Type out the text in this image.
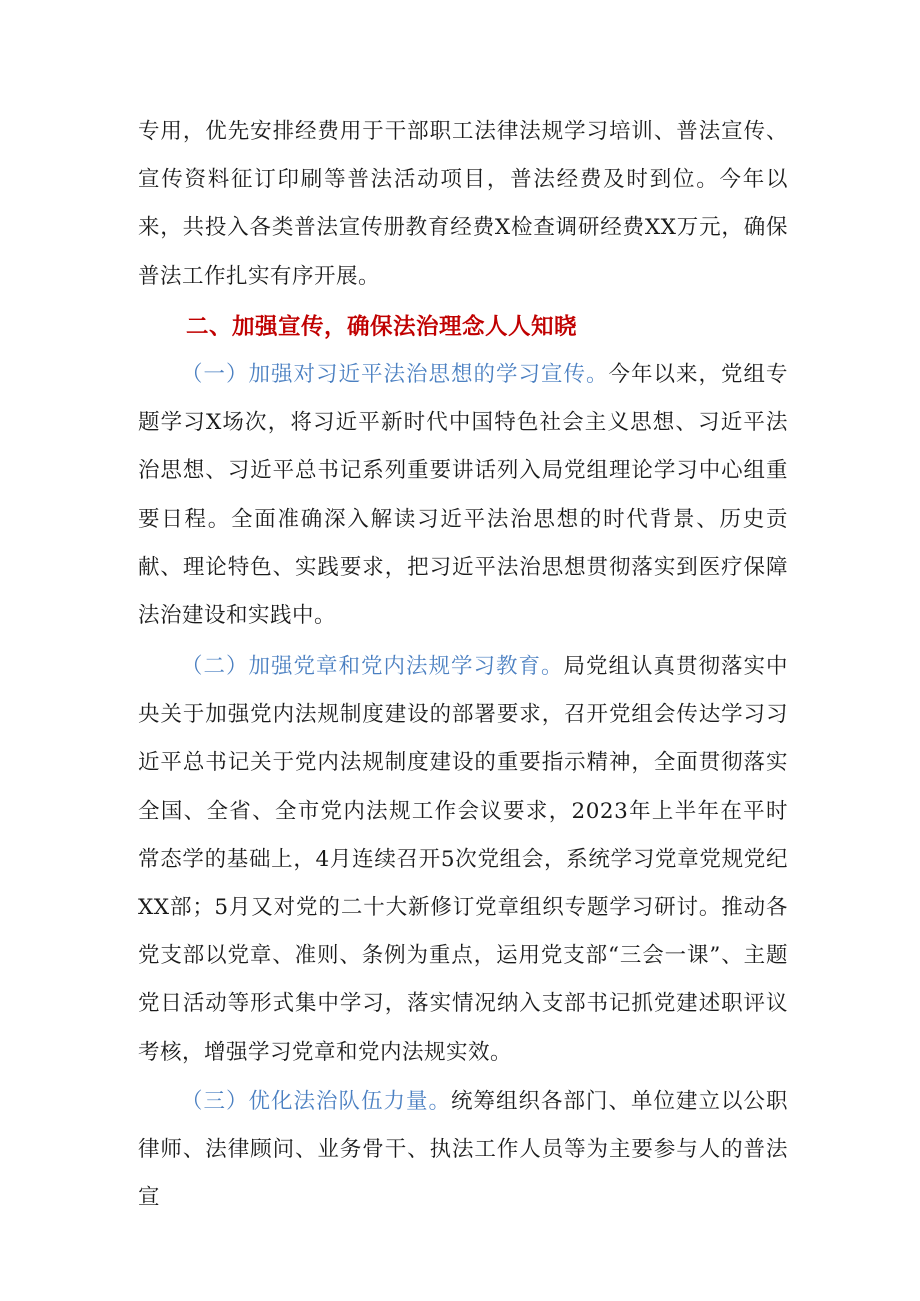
专用，优先安排经费用于干部职工法律法规学习培训、普法宣传、宣传资料征订印刷等普法活动项目，普法经费及时到位。今年以来，共投入各类普法宣传册教育经费X检查调研经费XX万元，确保普法工作扎实有序开展。

二、加强宣传，确保法治理念人人知晓

（一）加强对习近平法治思想的学习宣传。今年以来，党组专题学习X场次，将习近平新时代中国特色社会主义思想、习近平法治思想、习近平总书记系列重要讲话列入局党组理论学习中心组重要日程。全面准确深入解读习近平法治思想的时代背景、历史贡献、理论特色、实践要求，把习近平法治思想贯彻落实到医疗保障法治建设和实践中。

（二）加强党章和党内法规学习教育。局党组认真贯彻落实中央关于加强党内法规制度建设的部署要求，召开党组会传达学习习近平总书记关于党内法规制度建设的重要指示精神，全面贯彻落实全国、全省、全市党内法规工作会议要求，2023年上半年在平时常态学的基础上，4月连续召开5次党组会，系统学习党章党规党纪XX部；5月又对党的二十大新修订党章组织专题学习研讨。推动各党支部以党章、准则、条例为重点，运用党支部“三会一课”、主题党日活动等形式集中学习，落实情况纳入支部书记抓党建述职评议考核，增强学习党章和党内法规实效。

（三）优化法治队伍力量。统筹组织各部门、单位建立以公职律师、法律顾问、业务骨干、执法工作人员等为主要参与人的普法宣
